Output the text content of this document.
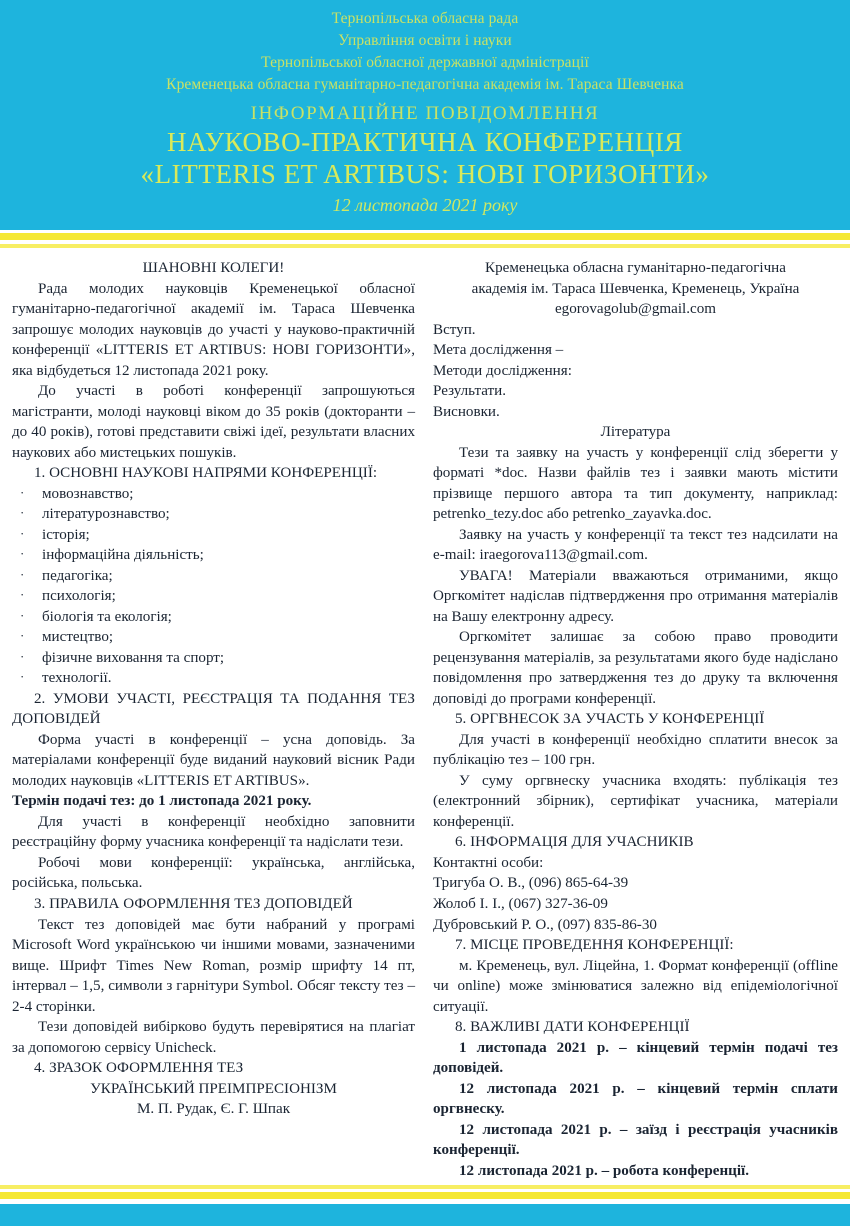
Тернопільська обласна рада
Управління освіти і науки
Тернопільської обласної державної адміністрації
Кременецька обласна гуманітарно-педагогічна академія ім. Тараса Шевченка
ІНФОРМАЦІЙНЕ ПОВІДОМЛЕННЯ
НАУКОВО-ПРАКТИЧНА КОНФЕРЕНЦІЯ
«LITTERIS ET ARTIBUS: НОВІ ГОРИЗОНТИ»
12 листопада 2021 року

ШАНОВНІ КОЛЕГИ!

Рада молодих науковців Кременецької обласної гуманітарно-педагогічної академії ім. Тараса Шевченка запрошує молодих науковців до участі у науково-практичній конференції «LITTERIS ET ARTIBUS: НОВІ ГОРИЗОНТИ», яка відбудеться 12 листопада 2021 року.

До участі в роботі конференції запрошуються магістранти, молоді науковці віком до 35 років (докторанти – до 40 років), готові представити свіжі ідеї, результати власних наукових або мистецьких пошуків.

1. ОСНОВНІ НАУКОВІ НАПРЯМИ КОНФЕРЕНЦІЇ:

·	мовознавство;
·	літературознавство;
·	історія;
·	інформаційна діяльність;
·	педагогіка;
·	психологія;
·	біологія та екологія;
·	мистецтво;
·	фізичне виховання та спорт;
·	технології.

2. УМОВИ УЧАСТІ, РЕЄСТРАЦІЯ ТА ПОДАННЯ ТЕЗ ДОПОВІДЕЙ

Форма участі в конференції – усна доповідь. За матеріалами конференції буде виданий науковий вісник Ради молодих науковців «LITTERIS ET ARTIBUS».

Термін подачі тез: до 1 листопада 2021 року.

Для участі в конференції необхідно заповнити реєстраційну форму учасника конференції та надіслати тези.

Робочі мови конференції: українська, англійська, російська, польська.

3. ПРАВИЛА ОФОРМЛЕННЯ ТЕЗ ДОПОВІДЕЙ

Текст тез доповідей має бути набраний у програмі Microsoft Word українською чи іншими мовами, зазначеними вище. Шрифт Times New Roman, розмір шрифту 14 пт, інтервал – 1,5, символи з гарнітури Symbol. Обсяг тексту тез – 2-4 сторінки.

Тези доповідей вибірково будуть перевірятися на плагіат за допомогою сервісу Unicheck.

4. ЗРАЗОК ОФОРМЛЕННЯ ТЕЗ

УКРАЇНСЬКИЙ ПРЕІМПРЕСІОНІЗМ

М. П. Рудак, Є. Г. Шпак

Кременецька обласна гуманітарно-педагогічна

академія ім. Тараса Шевченка, Кременець, Україна

egorovagolub@gmail.com

Вступ.

Мета дослідження –

Методи дослідження:

Результати.

Висновки.

Література

Тези та заявку на участь у конференції слід зберегти у форматі *doc. Назви файлів тез і заявки мають містити прізвище першого автора та тип документу, наприклад: petrenko_tezy.doc або petrenko_zayavka.doc.

Заявку на участь у конференції та текст тез надсилати на e-mail: iraegorova113@gmail.com.

УВАГА! Матеріали вважаються отриманими, якщо Оргкомітет надіслав підтвердження про отримання матеріалів на Вашу електронну адресу.

Оргкомітет залишає за собою право проводити рецензування матеріалів, за результатами якого буде надіслано повідомлення про затвердження тез до друку та включення доповіді до програми конференції.

5. ОРГВНЕСОК ЗА УЧАСТЬ У КОНФЕРЕНЦІЇ

Для участі в конференції необхідно сплатити внесок за публікацію тез – 100 грн.

У суму оргвнеску учасника входять: публікація тез (електронний збірник), сертифікат учасника, матеріали конференції.

6. ІНФОРМАЦІЯ ДЛЯ УЧАСНИКІВ

Контактні особи:

Тригуба О. В., (096) 865-64-39

Жолоб І. І., (067) 327-36-09

Дубровський Р. О., (097) 835-86-30

7. МІСЦЕ ПРОВЕДЕННЯ КОНФЕРЕНЦІЇ:

м. Кременець, вул. Ліцейна, 1. Формат конференції (offline чи online) може змінюватися залежно від епідеміологічної ситуації.

8. ВАЖЛИВІ ДАТИ КОНФЕРЕНЦІЇ

1 листопада 2021 р. – кінцевий термін подачі тез доповідей.

12 листопада 2021 р. – кінцевий термін сплати оргвнеску.

12 листопада 2021 р. – заїзд і реєстрація учасників конференції.

12 листопада 2021 р. – робота конференції.
